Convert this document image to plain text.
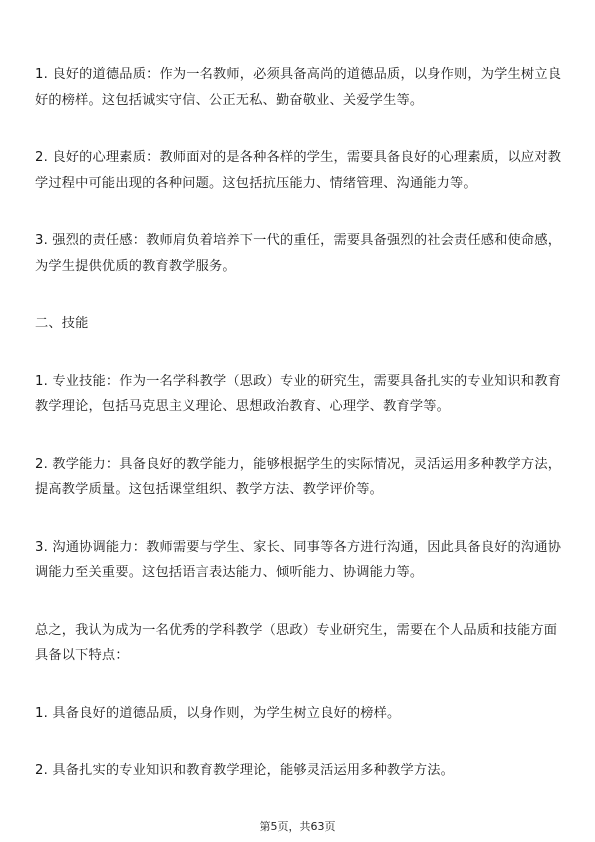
1. 良好的道德品质：作为一名教师，必须具备高尚的道德品质，以身作则，为学生树立良好的榜样。这包括诚实守信、公正无私、勤奋敬业、关爱学生等。

2. 良好的心理素质：教师面对的是各种各样的学生，需要具备良好的心理素质，以应对教学过程中可能出现的各种问题。这包括抗压能力、情绪管理、沟通能力等。

3. 强烈的责任感：教师肩负着培养下一代的重任，需要具备强烈的社会责任感和使命感，为学生提供优质的教育教学服务。

二、技能

1. 专业技能：作为一名学科教学（思政）专业的研究生，需要具备扎实的专业知识和教育教学理论，包括马克思主义理论、思想政治教育、心理学、教育学等。

2. 教学能力：具备良好的教学能力，能够根据学生的实际情况，灵活运用多种教学方法，提高教学质量。这包括课堂组织、教学方法、教学评价等。

3. 沟通协调能力：教师需要与学生、家长、同事等各方进行沟通，因此具备良好的沟通协调能力至关重要。这包括语言表达能力、倾听能力、协调能力等。

总之，我认为成为一名优秀的学科教学（思政）专业研究生，需要在个人品质和技能方面具备以下特点：

1. 具备良好的道德品质，以身作则，为学生树立良好的榜样。

2. 具备扎实的专业知识和教育教学理论，能够灵活运用多种教学方法。

第5页，共63页
